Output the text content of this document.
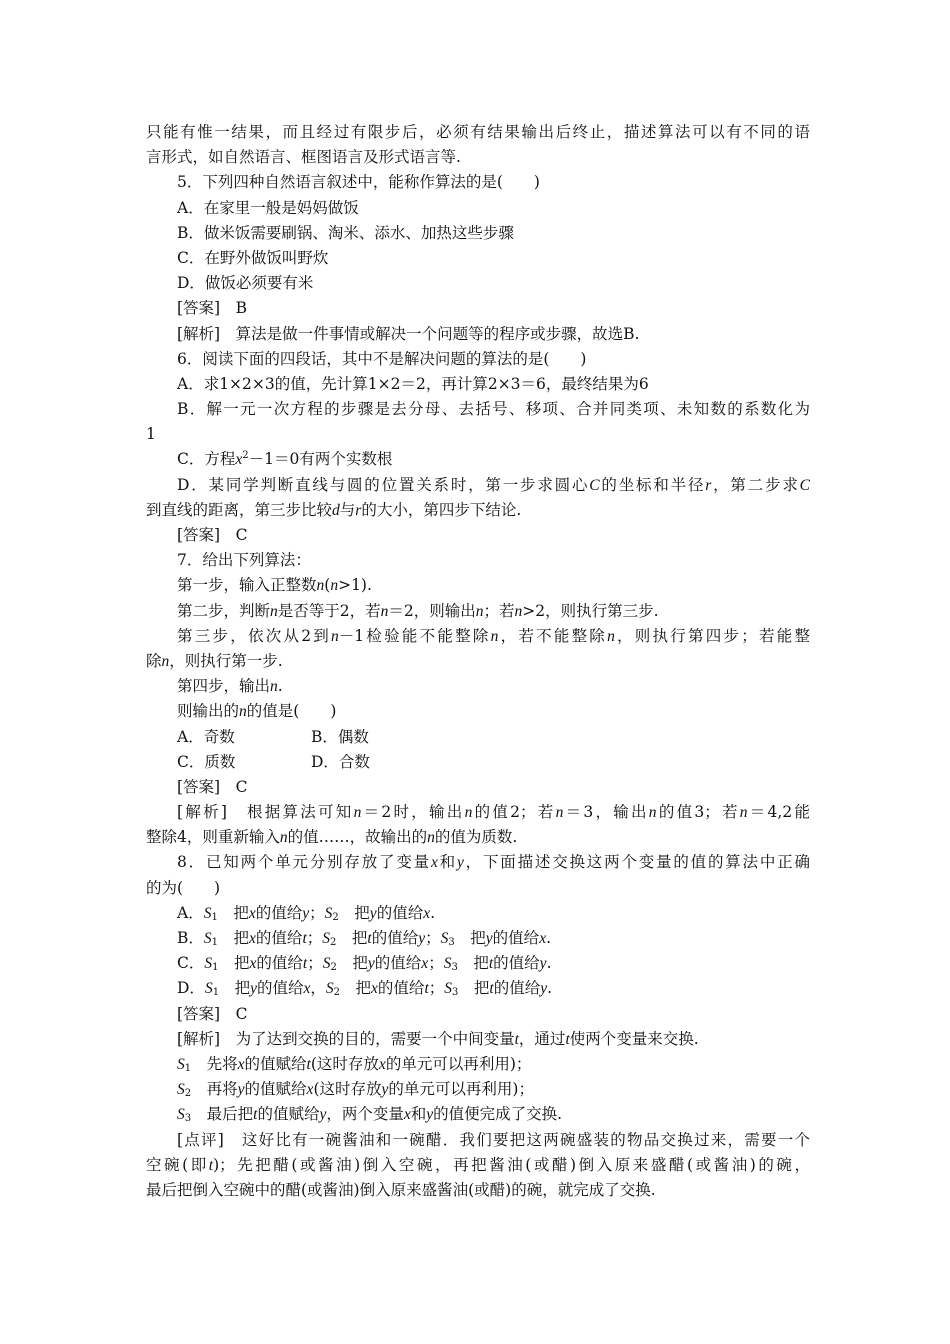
只能有惟一结果，而且经过有限步后，必须有结果输出后终止，描述算法可以有不同的语
言形式，如自然语言、框图语言及形式语言等.
5．下列四种自然语言叙述中，能称作算法的是(　　)
A．在家里一般是妈妈做饭
B．做米饭需要刷锅、淘米、添水、加热这些步骤
C．在野外做饭叫野炊
D．做饭必须要有米
[答案]　B
[解析]　算法是做一件事情或解决一个问题等的程序或步骤，故选B.
6．阅读下面的四段话，其中不是解决问题的算法的是(　　)
A．求1×2×3的值，先计算1×2＝2，再计算2×3＝6，最终结果为6
B．解一元一次方程的步骤是去分母、去括号、移项、合并同类项、未知数的系数化为
1
C．方程$x^2-1=0$有两个实数根
D．某同学判断直线与圆的位置关系时，第一步求圆心C的坐标和半径r，第二步求C
到直线的距离，第三步比较d与r的大小，第四步下结论.
[答案]　C
7．给出下列算法：
第一步，输入正整数n(n>1).
第二步，判断n是否等于2，若n＝2，则输出n；若n>2，则执行第三步.
第三步，依次从2到n－1检验能不能整除n，若不能整除n，则执行第四步；若能整
除n，则执行第一步.
第四步，输出n.
则输出的n的值是(　　)
A．奇数	B．偶数
C．质数	D．合数
[答案]　C
[解析]　根据算法可知n＝2时，输出n的值2；若n＝3，输出n的值3；若n＝4,2能
整除4，则重新输入n的值……，故输出的n的值为质数.
8．已知两个单元分别存放了变量x和y，下面描述交换这两个变量的值的算法中正确
的为(　　)
A．$S_1$　把x的值给y；$S_2$　把y的值给x.
B．$S_1$　把x的值给t；$S_2$　把t的值给y；$S_3$　把y的值给x.
C．$S_1$　把x的值给t；$S_2$　把y的值给x；$S_3$　把t的值给y.
D．$S_1$　把y的值给x，$S_2$　把x的值给t；$S_3$　把t的值给y.
[答案]　C
[解析]　为了达到交换的目的，需要一个中间变量t，通过t使两个变量来交换.
$S_1$　先将x的值赋给t(这时存放x的单元可以再利用)；
$S_2$　再将y的值赋给x(这时存放y的单元可以再利用)；
$S_3$　最后把t的值赋给y，两个变量x和y的值便完成了交换.
[点评]　这好比有一碗酱油和一碗醋．我们要把这两碗盛装的物品交换过来，需要一个
空碗(即t)；先把醋(或酱油)倒入空碗，再把酱油(或醋)倒入原来盛醋(或酱油)的碗，
最后把倒入空碗中的醋(或酱油)倒入原来盛酱油(或醋)的碗，就完成了交换.
